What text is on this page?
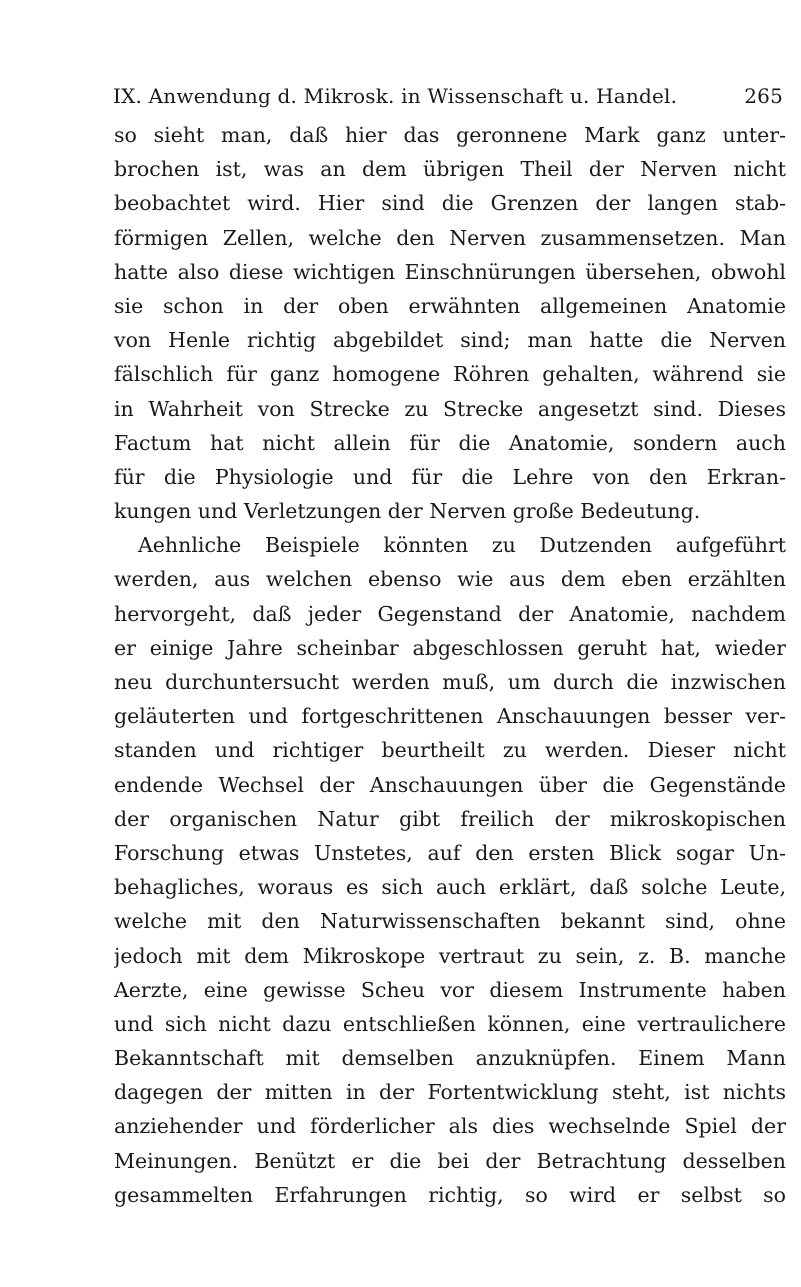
IX. Anwendung d. Mikrosk. in Wissenschaft u. Handel.	265
so sieht man, daß hier das geronnene Mark ganz unter-
brochen ist, was an dem übrigen Theil der Nerven nicht
beobachtet wird. Hier sind die Grenzen der langen stab-
förmigen Zellen, welche den Nerven zusammensetzen. Man
hatte also diese wichtigen Einschnürungen übersehen, obwohl
sie schon in der oben erwähnten allgemeinen Anatomie
von Henle richtig abgebildet sind; man hatte die Nerven
fälschlich für ganz homogene Röhren gehalten, während sie
in Wahrheit von Strecke zu Strecke angesetzt sind. Dieses
Factum hat nicht allein für die Anatomie, sondern auch
für die Physiologie und für die Lehre von den Erkran-
kungen und Verletzungen der Nerven große Bedeutung.
Aehnliche Beispiele könnten zu Dutzenden aufgeführt
werden, aus welchen ebenso wie aus dem eben erzählten
hervorgeht, daß jeder Gegenstand der Anatomie, nachdem
er einige Jahre scheinbar abgeschlossen geruht hat, wieder
neu durchuntersucht werden muß, um durch die inzwischen
geläuterten und fortgeschrittenen Anschauungen besser ver-
standen und richtiger beurtheilt zu werden. Dieser nicht
endende Wechsel der Anschauungen über die Gegenstände
der organischen Natur gibt freilich der mikroskopischen
Forschung etwas Unstetes, auf den ersten Blick sogar Un-
behagliches, woraus es sich auch erklärt, daß solche Leute,
welche mit den Naturwissenschaften bekannt sind, ohne
jedoch mit dem Mikroskope vertraut zu sein, z. B. manche
Aerzte, eine gewisse Scheu vor diesem Instrumente haben
und sich nicht dazu entschließen können, eine vertraulichere
Bekanntschaft mit demselben anzuknüpfen. Einem Mann
dagegen der mitten in der Fortentwicklung steht, ist nichts
anziehender und förderlicher als dies wechselnde Spiel der
Meinungen. Benützt er die bei der Betrachtung desselben
gesammelten Erfahrungen richtig, so wird er selbst so
